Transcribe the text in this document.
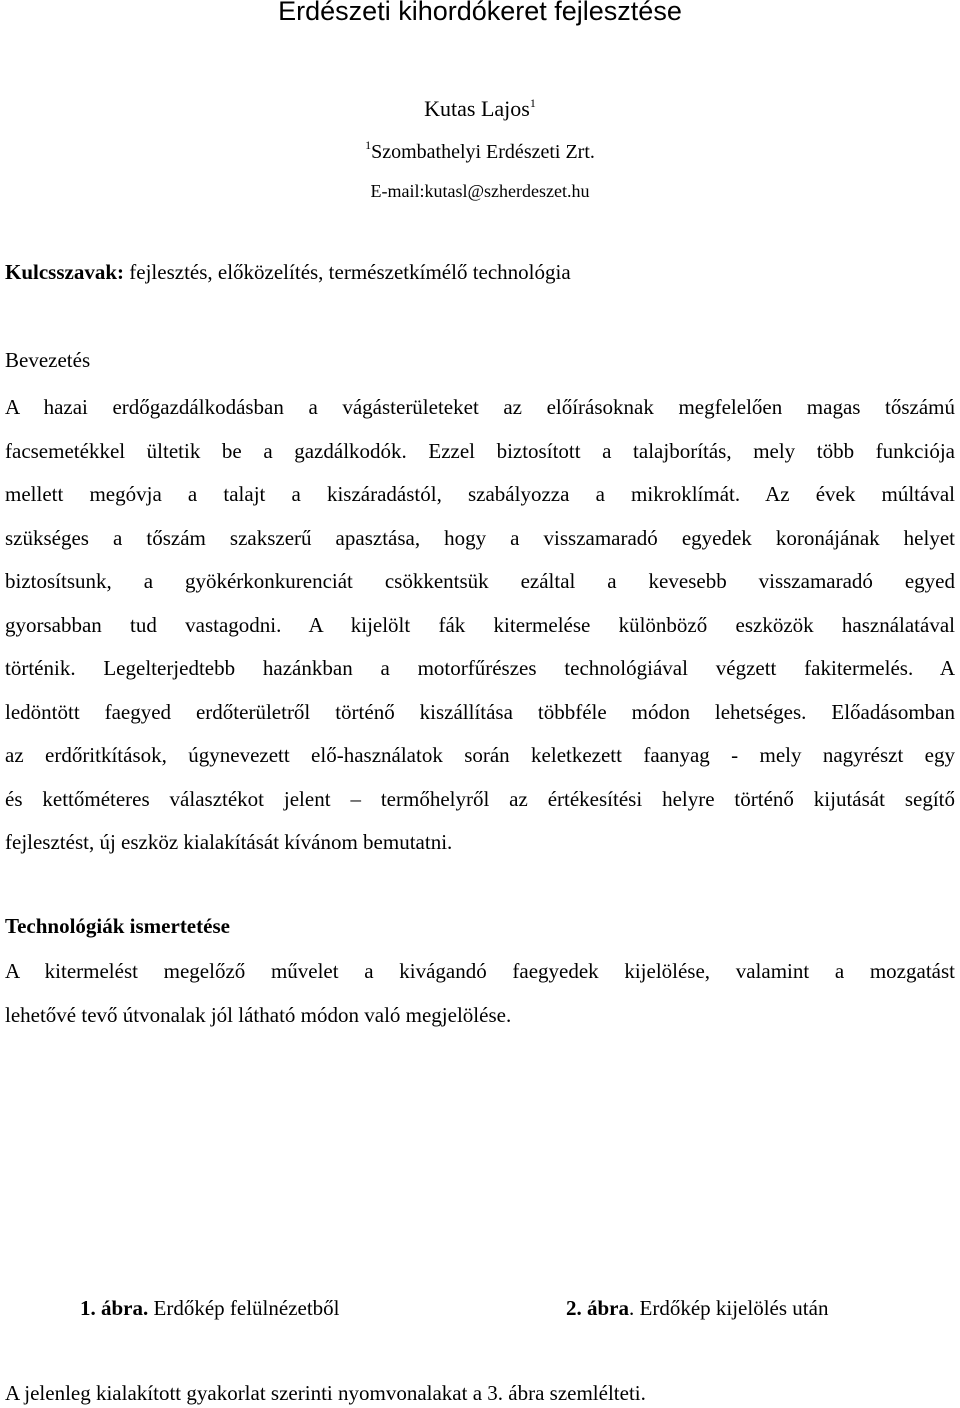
Erdészeti kihordókeret fejlesztése
Kutas Lajos$^1$
$^1$Szombathelyi Erdészeti Zrt.
E-mail:kutasl@szherdeszet.hu
Kulcsszavak: fejlesztés, előközelítés, természetkímélő technológia
Bevezetés
A hazai erdőgazdálkodásban a vágásterületeket az előírásoknak megfelelően magas tőszámú
facsemetékkel ültetik be a gazdálkodók. Ezzel biztosított a talajborítás, mely több funkciója
mellett megóvja a talajt a kiszáradástól, szabályozza a mikroklímát. Az évek múltával
szükséges a tőszám szakszerű apasztása, hogy a visszamaradó egyedek koronájának helyet
biztosítsunk, a gyökérkonkurenciát csökkentsük ezáltal a kevesebb visszamaradó egyed
gyorsabban tud vastagodni. A kijelölt fák kitermelése különböző eszközök használatával
történik. Legelterjedtebb hazánkban a motorfűrészes technológiával végzett fakitermelés. A
ledöntött faegyed erdőterületről történő kiszállítása többféle módon lehetséges. Előadásomban
az erdőritkítások, úgynevezett elő-használatok során keletkezett faanyag - mely nagyrészt egy
és kettőméteres választékot jelent – termőhelyről az értékesítési helyre történő kijutását segítő
fejlesztést, új eszköz kialakítását kívánom bemutatni.
Technológiák ismertetése
A kitermelést megelőző művelet a kivágandó faegyedek kijelölése, valamint a mozgatást
lehetővé tevő útvonalak jól látható módon való megjelölése.
1. ábra. Erdőkép felülnézetből	2. ábra. Erdőkép kijelölés után
A jelenleg kialakított gyakorlat szerinti nyomvonalakat a 3. ábra szemlélteti.
